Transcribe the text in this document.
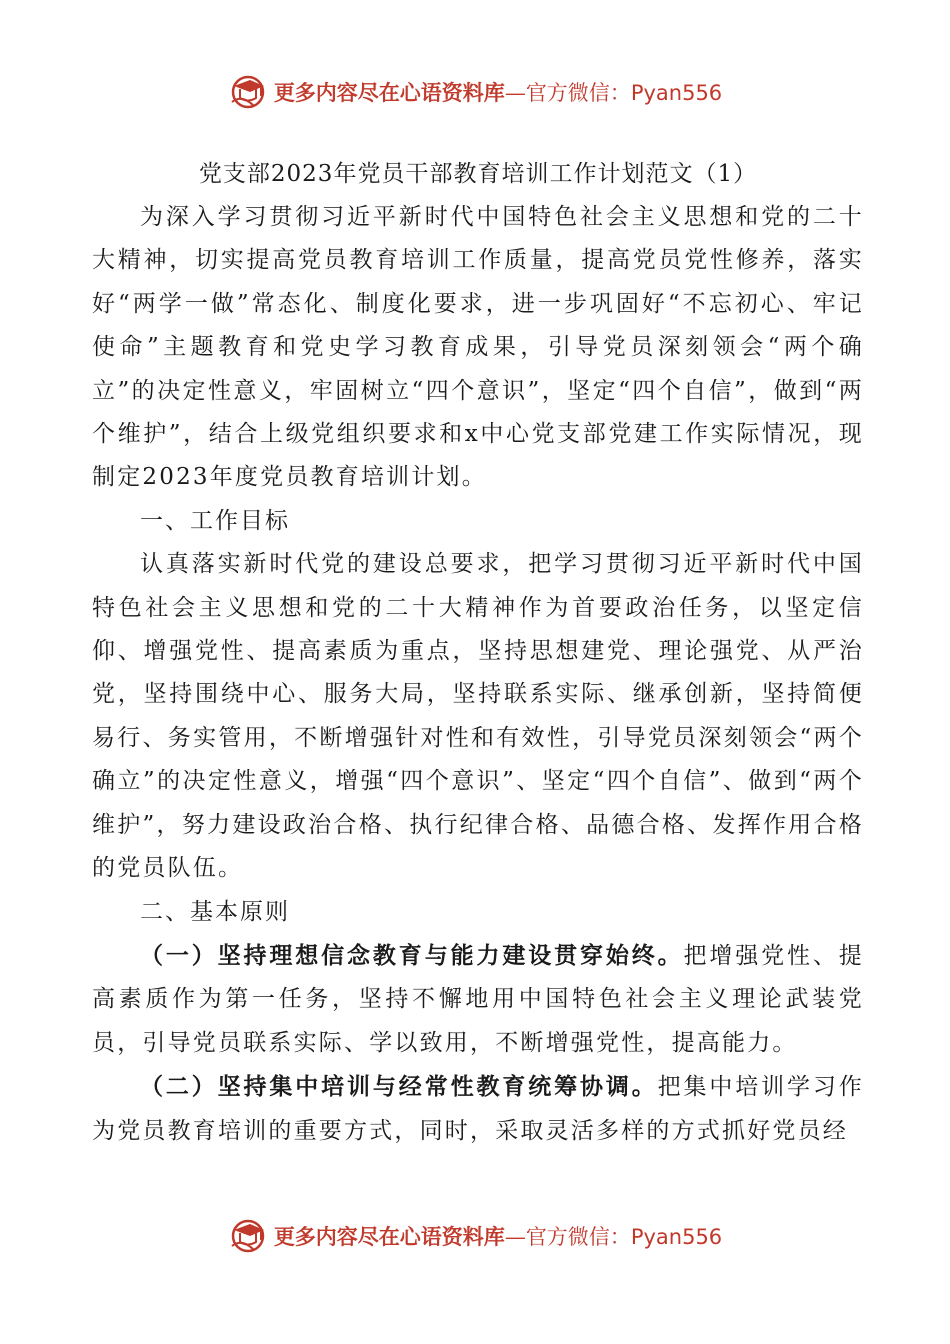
更多内容尽在心语资料库—官方微信：Pyan556
党支部2023年党员干部教育培训工作计划范文（1）

为深入学习贯彻习近平新时代中国特色社会主义思想和党的二十大精神，切实提高党员教育培训工作质量，提高党员党性修养，落实好“两学一做”常态化、制度化要求，进一步巩固好“不忘初心、牢记使命”主题教育和党史学习教育成果，引导党员深刻领会“两个确立”的决定性意义，牢固树立“四个意识”，坚定“四个自信”，做到“两个维护”，结合上级党组织要求和x中心党支部党建工作实际情况，现制定2023年度党员教育培训计划。

一、工作目标

认真落实新时代党的建设总要求，把学习贯彻习近平新时代中国特色社会主义思想和党的二十大精神作为首要政治任务，以坚定信仰、增强党性、提高素质为重点，坚持思想建党、理论强党、从严治党，坚持围绕中心、服务大局，坚持联系实际、继承创新，坚持简便易行、务实管用，不断增强针对性和有效性，引导党员深刻领会“两个确立”的决定性意义，增强“四个意识”、坚定“四个自信”、做到“两个维护”，努力建设政治合格、执行纪律合格、品德合格、发挥作用合格的党员队伍。

二、基本原则

（一）坚持理想信念教育与能力建设贯穿始终。把增强党性、提高素质作为第一任务，坚持不懈地用中国特色社会主义理论武装党员，引导党员联系实际、学以致用，不断增强党性，提高能力。

（二）坚持集中培训与经常性教育统筹协调。把集中培训学习作为党员教育培训的重要方式，同时，采取灵活多样的方式抓好党员经

更多内容尽在心语资料库—官方微信：Pyan556
